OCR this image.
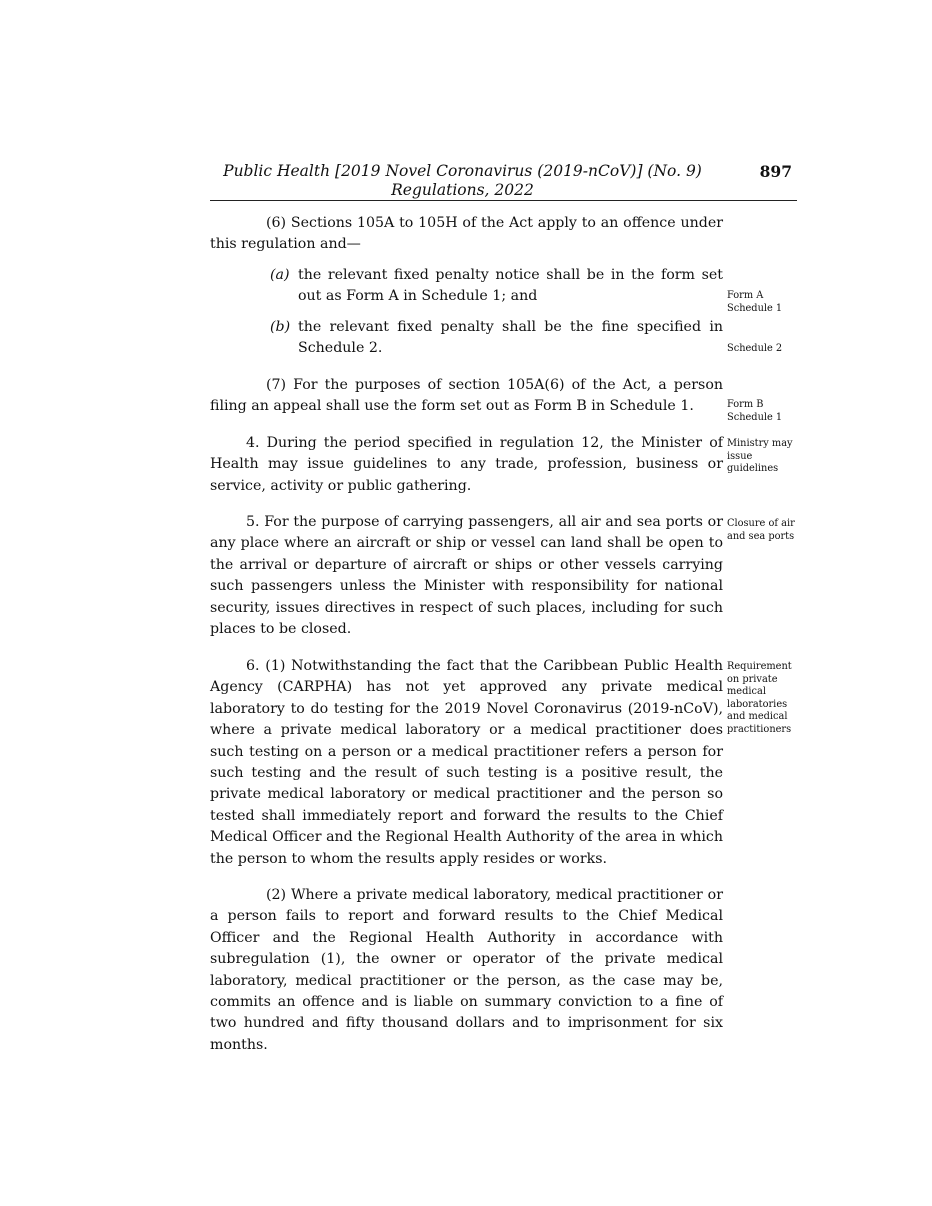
Public Health [2019 Novel Coronavirus (2019-nCoV)] (No. 9)
Regulations, 2022
897
(6) Sections 105A to 105H of the Act apply to an offence under this regulation and—
(a) the relevant fixed penalty notice shall be in the form set out as Form A in Schedule 1; and	Form A Schedule 1
(b) the relevant fixed penalty shall be the fine specified in Schedule 2.	Schedule 2
(7) For the purposes of section 105A(6) of the Act, a person filing an appeal shall use the form set out as Form B in Schedule 1.	Form B Schedule 1
4. During the period specified in regulation 12, the Minister of Health may issue guidelines to any trade, profession, business or service, activity or public gathering.
Ministry may issue guidelines
5. For the purpose of carrying passengers, all air and sea ports or any place where an aircraft or ship or vessel can land shall be open to the arrival or departure of aircraft or ships or other vessels carrying such passengers unless the Minister with responsibility for national security, issues directives in respect of such places, including for such places to be closed.
Closure of air and sea ports
6. (1) Notwithstanding the fact that the Caribbean Public Health Agency (CARPHA) has not yet approved any private medical laboratory to do testing for the 2019 Novel Coronavirus (2019-nCoV), where a private medical laboratory or a medical practitioner does such testing on a person or a medical practitioner refers a person for such testing and the result of such testing is a positive result, the private medical laboratory or medical practitioner and the person so tested shall immediately report and forward the results to the Chief Medical Officer and the Regional Health Authority of the area in which the person to whom the results apply resides or works.
Requirement on private medical laboratories and medical practitioners
(2) Where a private medical laboratory, medical practitioner or a person fails to report and forward results to the Chief Medical Officer and the Regional Health Authority in accordance with subregulation (1), the owner or operator of the private medical laboratory, medical practitioner or the person, as the case may be, commits an offence and is liable on summary conviction to a fine of two hundred and fifty thousand dollars and to imprisonment for six months.
